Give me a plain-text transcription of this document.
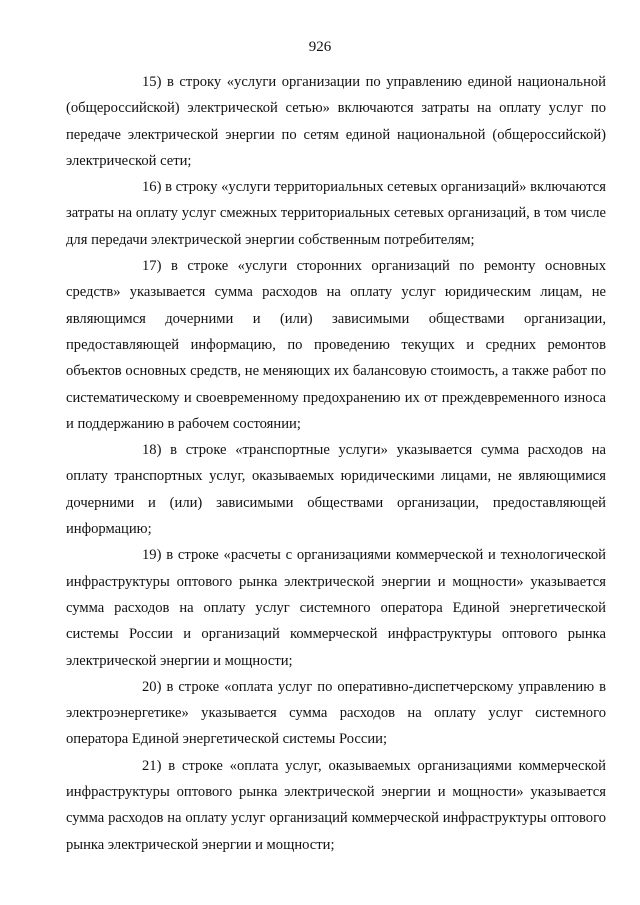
926

15) в строку «услуги организации по управлению единой национальной (общероссийской) электрической сетью» включаются затраты на оплату услуг по передаче электрической энергии по сетям единой национальной (общероссийской) электрической сети;

16) в строку «услуги территориальных сетевых организаций» включаются затраты на оплату услуг смежных территориальных сетевых организаций, в том числе для передачи электрической энергии собственным потребителям;

17) в строке «услуги сторонних организаций по ремонту основных средств» указывается сумма расходов на оплату услуг юридическим лицам, не являющимся дочерними и (или) зависимыми обществами организации, предоставляющей информацию, по проведению текущих и средних ремонтов объектов основных средств, не меняющих их балансовую стоимость, а также работ по систематическому и своевременному предохранению их от преждевременного износа и поддержанию в рабочем состоянии;

18) в строке «транспортные услуги» указывается сумма расходов на оплату транспортных услуг, оказываемых юридическими лицами, не являющимися дочерними и (или) зависимыми обществами организации, предоставляющей информацию;

19) в строке «расчеты с организациями коммерческой и технологической инфраструктуры оптового рынка электрической энергии и мощности» указывается сумма расходов на оплату услуг системного оператора Единой энергетической системы России и организаций коммерческой инфраструктуры оптового рынка электрической энергии и мощности;

20) в строке «оплата услуг по оперативно-диспетчерскому управлению в электроэнергетике» указывается сумма расходов на оплату услуг системного оператора Единой энергетической системы России;

21) в строке «оплата услуг, оказываемых организациями коммерческой инфраструктуры оптового рынка электрической энергии и мощности» указывается сумма расходов на оплату услуг организаций коммерческой инфраструктуры оптового рынка электрической энергии и мощности;
